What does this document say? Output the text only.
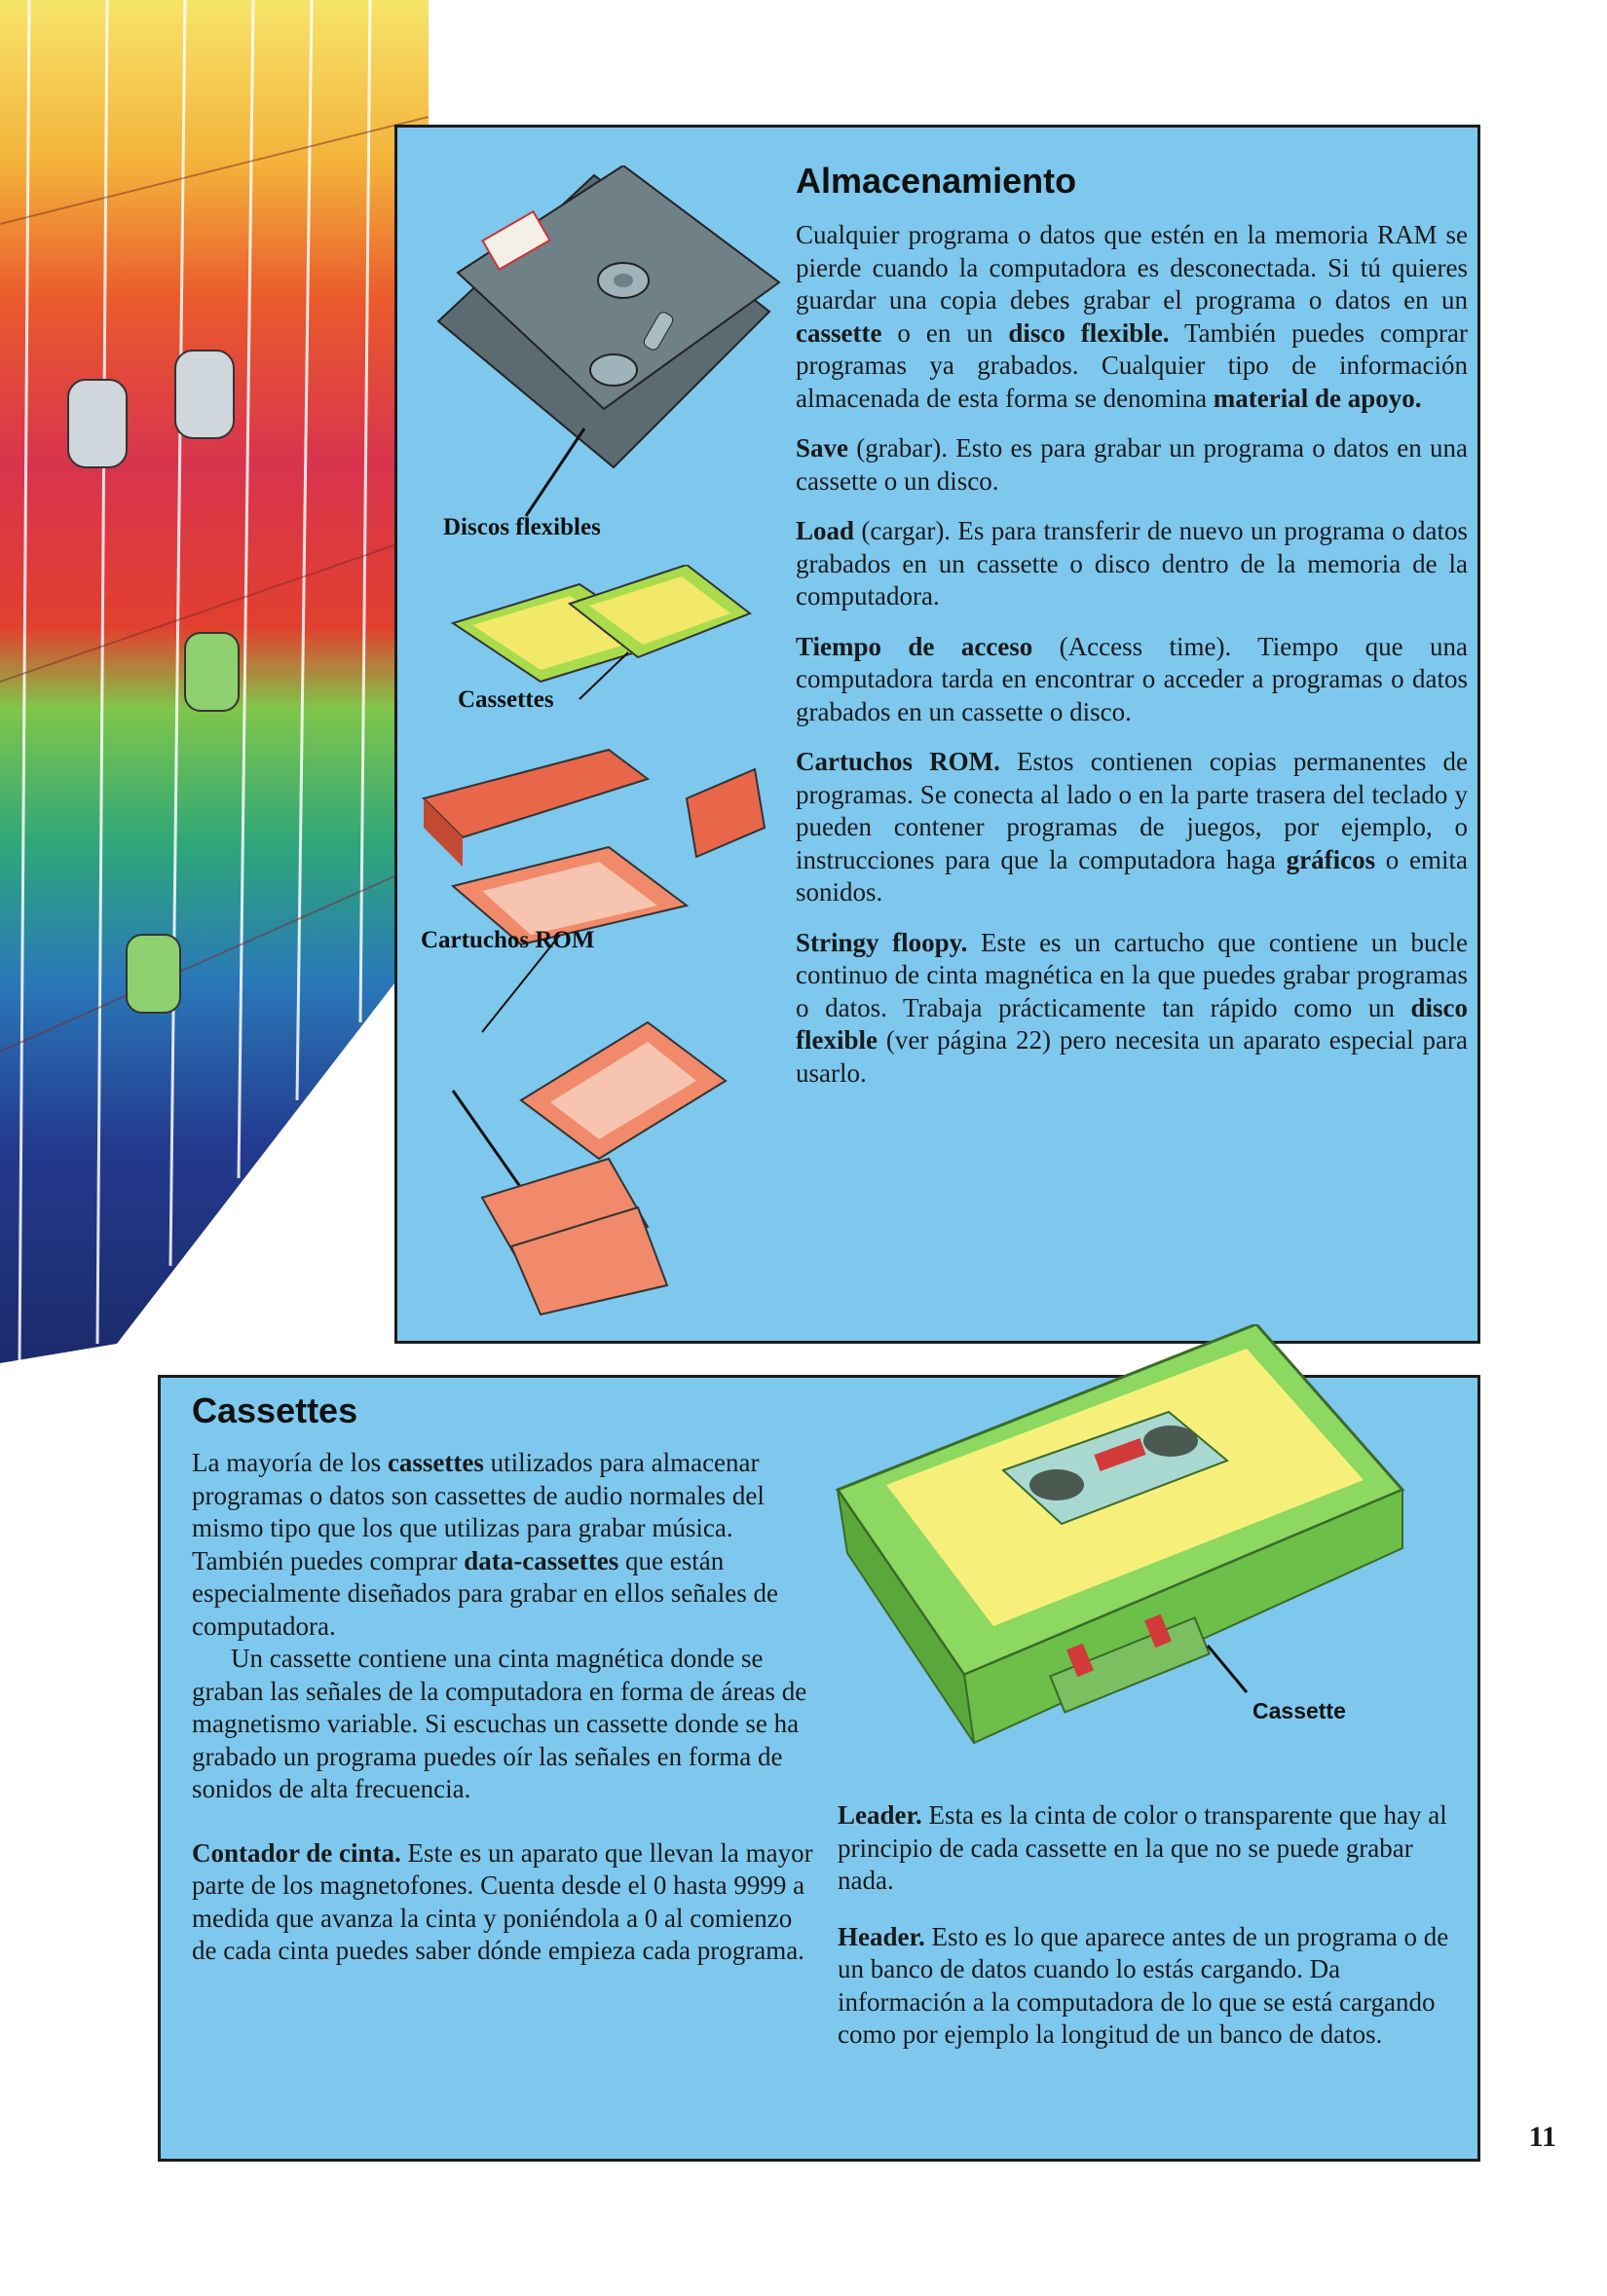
Discos flexibles
Cassettes
Cartuchos ROM
Almacenamiento

Cualquier programa o datos que estén en la memoria RAM se pierde cuando la computadora es desconectada. Si tú quieres guardar una copia debes grabar el programa o datos en un cassette o en un disco flexible. También puedes comprar programas ya grabados. Cualquier tipo de información almacenada de esta forma se denomina material de apoyo.

Save (grabar). Esto es para grabar un programa o datos en una cassette o un disco.

Load (cargar). Es para transferir de nuevo un programa o datos grabados en un cassette o disco dentro de la memoria de la computadora.

Tiempo de acceso (Access time). Tiempo que una computadora tarda en encontrar o acceder a programas o datos grabados en un cassette o disco.

Cartuchos ROM. Estos contienen copias permanentes de programas. Se conecta al lado o en la parte trasera del teclado y pueden contener programas de juegos, por ejemplo, o instrucciones para que la computadora haga gráficos o emita sonidos.

Stringy floopy. Este es un cartucho que contiene un bucle continuo de cinta magnética en la que puedes grabar programas o datos. Trabaja prácticamente tan rápido como un disco flexible (ver página 22) pero necesita un aparato especial para usarlo.

Cassette
Cassettes

La mayoría de los cassettes utilizados para almacenar programas o datos son cassettes de audio normales del mismo tipo que los que utilizas para grabar música. También puedes comprar data-cassettes que están especialmente diseñados para grabar en ellos señales de computadora.

Un cassette contiene una cinta magnética donde se graban las señales de la computadora en forma de áreas de magnetismo variable. Si escuchas un cassette donde se ha grabado un programa puedes oír las señales en forma de sonidos de alta frecuencia.

Contador de cinta. Este es un aparato que llevan la mayor parte de los magnetofones. Cuenta desde el 0 hasta 9999 a medida que avanza la cinta y poniéndola a 0 al comienzo de cada cinta puedes saber dónde empieza cada programa.

Leader. Esta es la cinta de color o transparente que hay al principio de cada cassette en la que no se puede grabar nada.

Header. Esto es lo que aparece antes de un programa o de un banco de datos cuando lo estás cargando. Da información a la computadora de lo que se está cargando como por ejemplo la longitud de un banco de datos.

11
